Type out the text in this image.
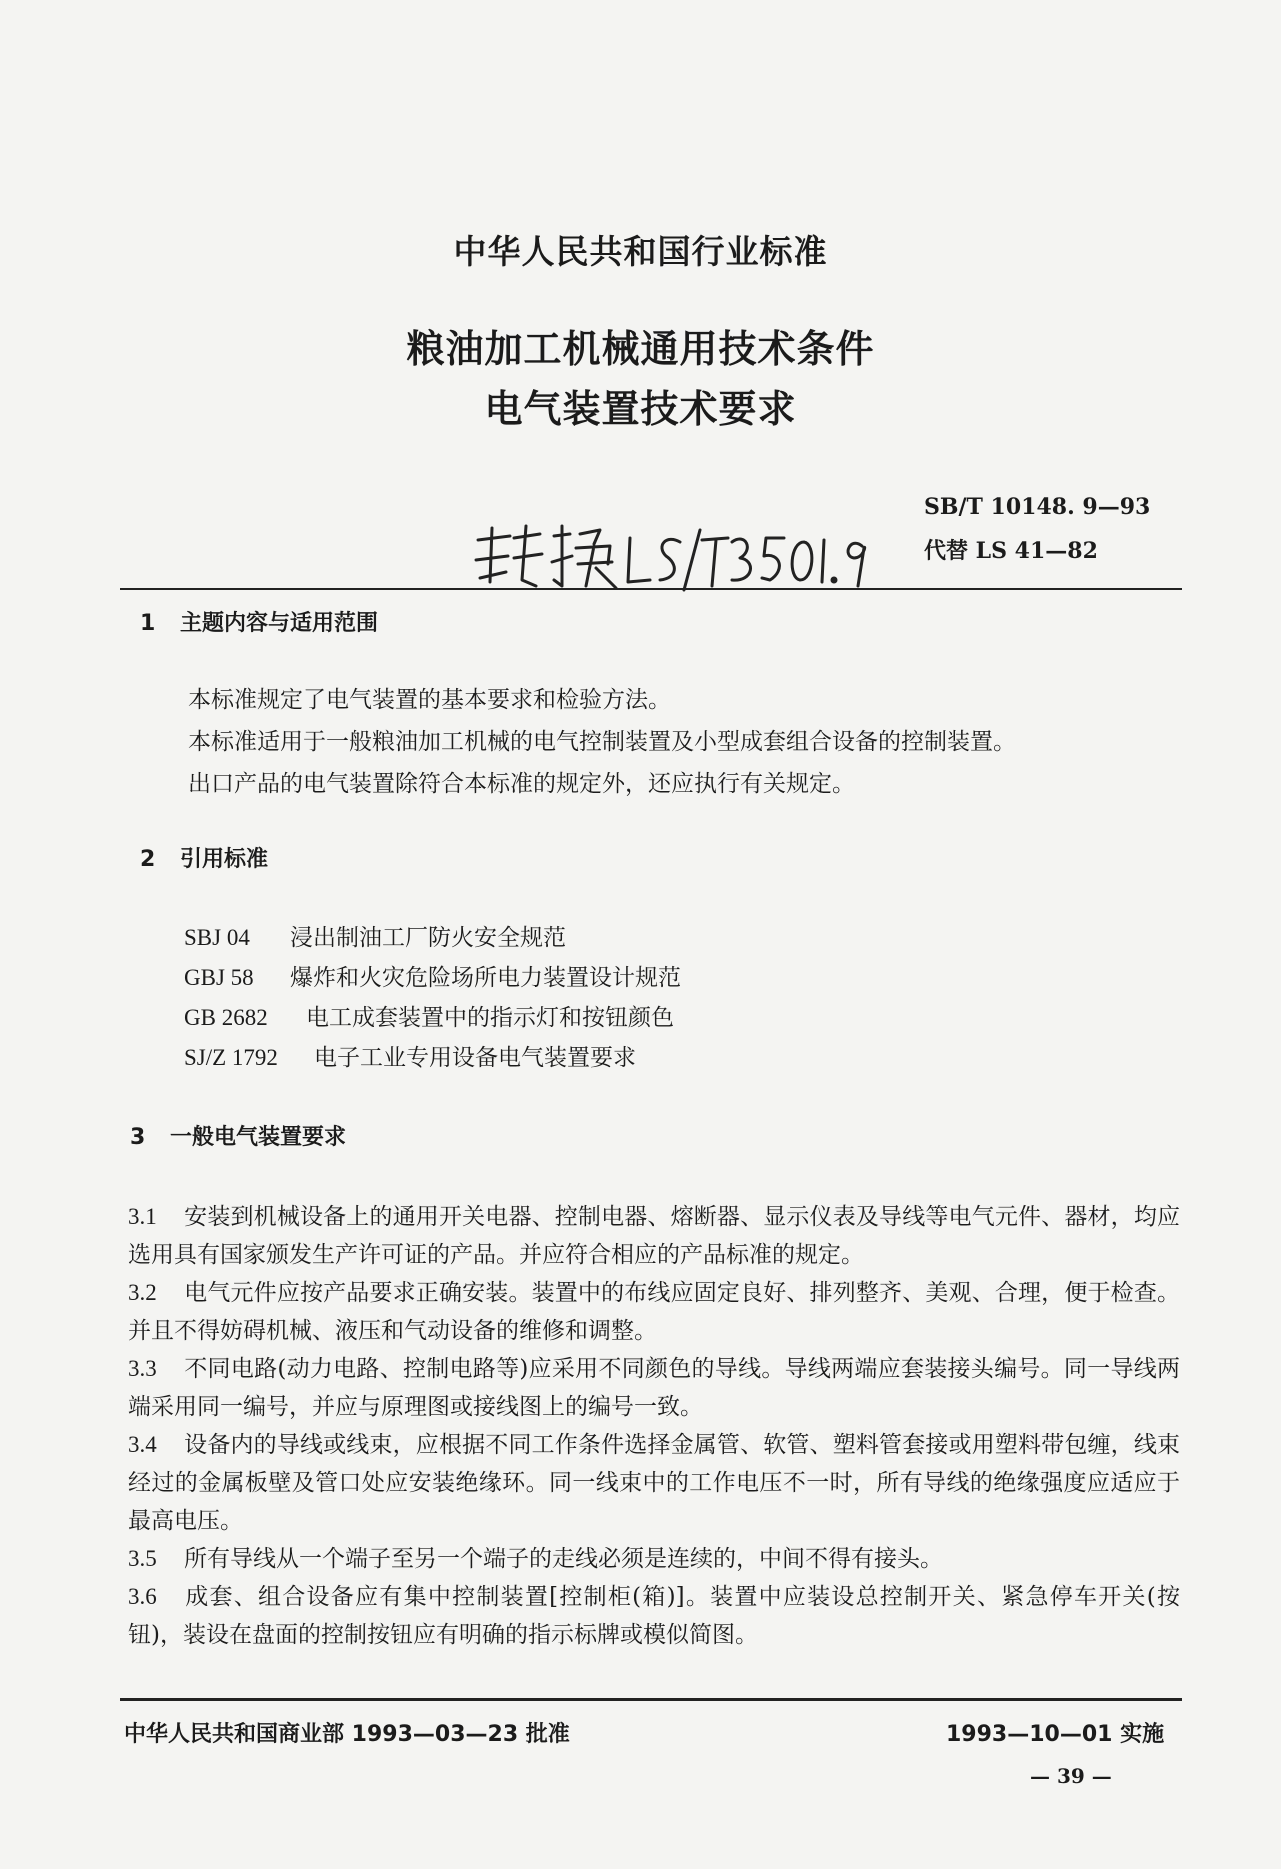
中华人民共和国行业标准
粮油加工机械通用技术条件
电气装置技术要求
SB/T 10148. 9—93
代替 LS 41—82
1 主题内容与适用范围
本标准规定了电气装置的基本要求和检验方法。
本标准适用于一般粮油加工机械的电气控制装置及小型成套组合设备的控制装置。
出口产品的电气装置除符合本标准的规定外，还应执行有关规定。
2 引用标准
SBJ 04 浸出制油工厂防火安全规范
GBJ 58 爆炸和火灾危险场所电力装置设计规范
GB 2682 电工成套装置中的指示灯和按钮颜色
SJ/Z 1792 电子工业专用设备电气装置要求
3 一般电气装置要求

3.1 安装到机械设备上的通用开关电器、控制电器、熔断器、显示仪表及导线等电气元件、器材，均应选用具有国家颁发生产许可证的产品。并应符合相应的产品标准的规定。

3.2 电气元件应按产品要求正确安装。装置中的布线应固定良好、排列整齐、美观、合理，便于检查。并且不得妨碍机械、液压和气动设备的维修和调整。

3.3 不同电路(动力电路、控制电路等)应采用不同颜色的导线。导线两端应套装接头编号。同一导线两端采用同一编号，并应与原理图或接线图上的编号一致。

3.4 设备内的导线或线束，应根据不同工作条件选择金属管、软管、塑料管套接或用塑料带包缠，线束经过的金属板壁及管口处应安装绝缘环。同一线束中的工作电压不一时，所有导线的绝缘强度应适应于最高电压。

3.5 所有导线从一个端子至另一个端子的走线必须是连续的，中间不得有接头。

3.6 成套、组合设备应有集中控制装置[控制柜(箱)]。装置中应装设总控制开关、紧急停车开关(按钮)，装设在盘面的控制按钮应有明确的指示标牌或模似简图。

中华人民共和国商业部 1993—03—23 批准	1993—10—01 实施
— 39 —
